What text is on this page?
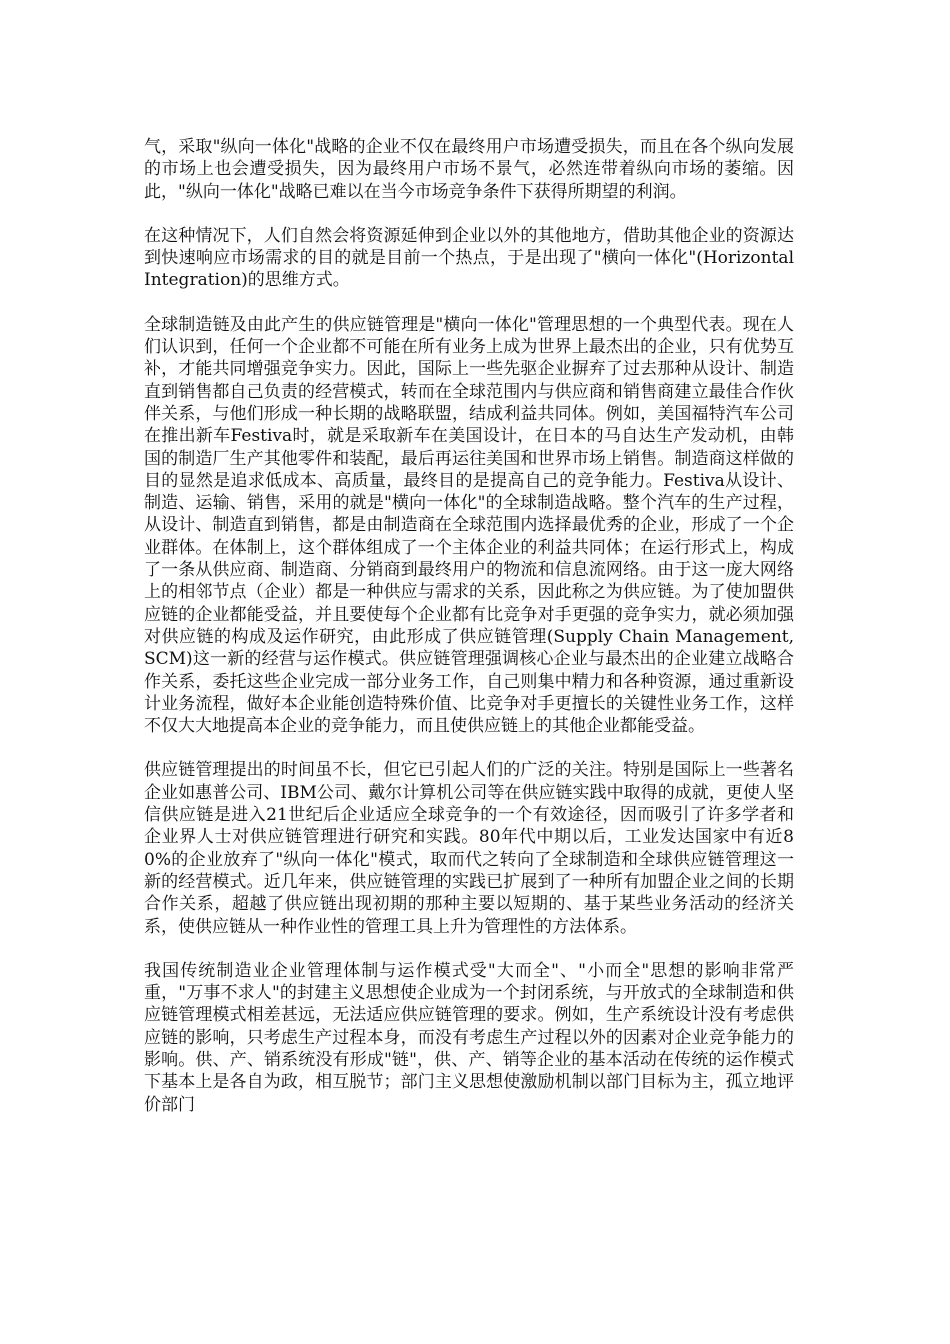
气，采取"纵向一体化"战略的企业不仅在最终用户市场遭受损失，而且在各个纵向发展的市场上也会遭受损失，因为最终用户市场不景气，必然连带着纵向市场的萎缩。因此，"纵向一体化"战略已难以在当今市场竞争条件下获得所期望的利润。

在这种情况下，人们自然会将资源延伸到企业以外的其他地方，借助其他企业的资源达到快速响应市场需求的目的就是目前一个热点，于是出现了"横向一体化"(Horizontal Integration)的思维方式。

全球制造链及由此产生的供应链管理是"横向一体化"管理思想的一个典型代表。现在人们认识到，任何一个企业都不可能在所有业务上成为世界上最杰出的企业，只有优势互补，才能共同增强竞争实力。因此，国际上一些先驱企业摒弃了过去那种从设计、制造直到销售都自己负责的经营模式，转而在全球范围内与供应商和销售商建立最佳合作伙伴关系，与他们形成一种长期的战略联盟，结成利益共同体。例如，美国福特汽车公司在推出新车Festiva时，就是采取新车在美国设计，在日本的马自达生产发动机，由韩国的制造厂生产其他零件和装配，最后再运往美国和世界市场上销售。制造商这样做的目的显然是追求低成本、高质量，最终目的是提高自己的竞争能力。Festiva从设计、制造、运输、销售，采用的就是"横向一体化"的全球制造战略。整个汽车的生产过程，从设计、制造直到销售，都是由制造商在全球范围内选择最优秀的企业，形成了一个企业群体。在体制上，这个群体组成了一个主体企业的利益共同体；在运行形式上，构成了一条从供应商、制造商、分销商到最终用户的物流和信息流网络。由于这一庞大网络上的相邻节点（企业）都是一种供应与需求的关系，因此称之为供应链。为了使加盟供应链的企业都能受益，并且要使每个企业都有比竞争对手更强的竞争实力，就必须加强对供应链的构成及运作研究，由此形成了供应链管理(Supply Chain Management, SCM)这一新的经营与运作模式。供应链管理强调核心企业与最杰出的企业建立战略合作关系，委托这些企业完成一部分业务工作，自己则集中精力和各种资源，通过重新设计业务流程，做好本企业能创造特殊价值、比竞争对手更擅长的关键性业务工作，这样不仅大大地提高本企业的竞争能力，而且使供应链上的其他企业都能受益。

供应链管理提出的时间虽不长，但它已引起人们的广泛的关注。特别是国际上一些著名企业如惠普公司、IBM公司、戴尔计算机公司等在供应链实践中取得的成就，更使人坚信供应链是进入21世纪后企业适应全球竞争的一个有效途径，因而吸引了许多学者和企业界人士对供应链管理进行研究和实践。80年代中期以后，工业发达国家中有近80%的企业放弃了"纵向一体化"模式，取而代之转向了全球制造和全球供应链管理这一新的经营模式。近几年来，供应链管理的实践已扩展到了一种所有加盟企业之间的长期合作关系，超越了供应链出现初期的那种主要以短期的、基于某些业务活动的经济关系，使供应链从一种作业性的管理工具上升为管理性的方法体系。

我国传统制造业企业管理体制与运作模式受"大而全"、"小而全"思想的影响非常严重，"万事不求人"的封建主义思想使企业成为一个封闭系统，与开放式的全球制造和供应链管理模式相差甚远，无法适应供应链管理的要求。例如，生产系统设计没有考虑供应链的影响，只考虑生产过程本身，而没有考虑生产过程以外的因素对企业竞争能力的影响。供、产、销系统没有形成"链"，供、产、销等企业的基本活动在传统的运作模式下基本上是各自为政，相互脱节；部门主义思想使激励机制以部门目标为主，孤立地评价部门
